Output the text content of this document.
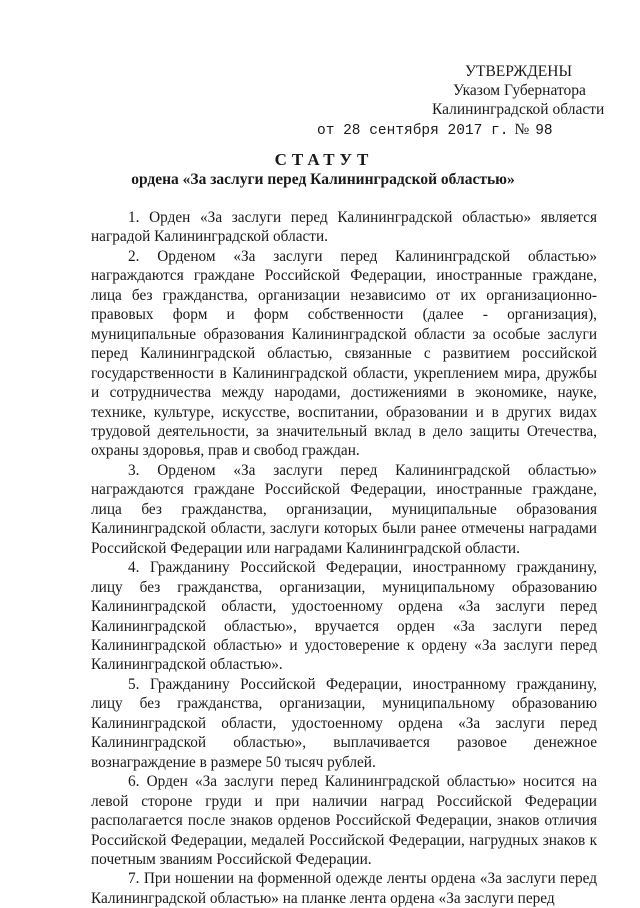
УТВЕРЖДЕНЫ
Указом Губернатора
Калининградской области
от 28 сентября 2017 г. № 98
СТАТУТ
ордена «За заслуги перед Калининградской областью»

1. Орден «За заслуги перед Калининградской областью» является наградой Калининградской области.

2. Орденом «За заслуги перед Калининградской областью» награждаются граждане Российской Федерации, иностранные граждане, лица без гражданства, организации независимо от их организационно-правовых форм и форм собственности (далее - организация), муниципальные образования Калининградской области за особые заслуги перед Калининградской областью, связанные с развитием российской государственности в Калининградской области, укреплением мира, дружбы и сотрудничества между народами, достижениями в экономике, науке, технике, культуре, искусстве, воспитании, образовании и в других видах трудовой деятельности, за значительный вклад в дело защиты Отечества, охраны здоровья, прав и свобод граждан.

3. Орденом «За заслуги перед Калининградской областью» награждаются граждане Российской Федерации, иностранные граждане, лица без гражданства, организации, муниципальные образования Калининградской области, заслуги которых были ранее отмечены наградами Российской Федерации или наградами Калининградской области.

4. Гражданину Российской Федерации, иностранному гражданину, лицу без гражданства, организации, муниципальному образованию Калининградской области, удостоенному ордена «За заслуги перед Калининградской областью», вручается орден «За заслуги перед Калининградской областью» и удостоверение к ордену «За заслуги перед Калининградской областью».

5. Гражданину Российской Федерации, иностранному гражданину, лицу без гражданства, организации, муниципальному образованию Калининградской области, удостоенному ордена «За заслуги перед Калининградской областью», выплачивается разовое денежное вознаграждение в размере 50 тысяч рублей.

6. Орден «За заслуги перед Калининградской областью» носится на левой стороне груди и при наличии наград Российской Федерации располагается после знаков орденов Российской Федерации, знаков отличия Российской Федерации, медалей Российской Федерации, нагрудных знаков к почетным званиям Российской Федерации.

7. При ношении на форменной одежде ленты ордена «За заслуги перед Калининградской областью» на планке лента ордена «За заслуги перед
